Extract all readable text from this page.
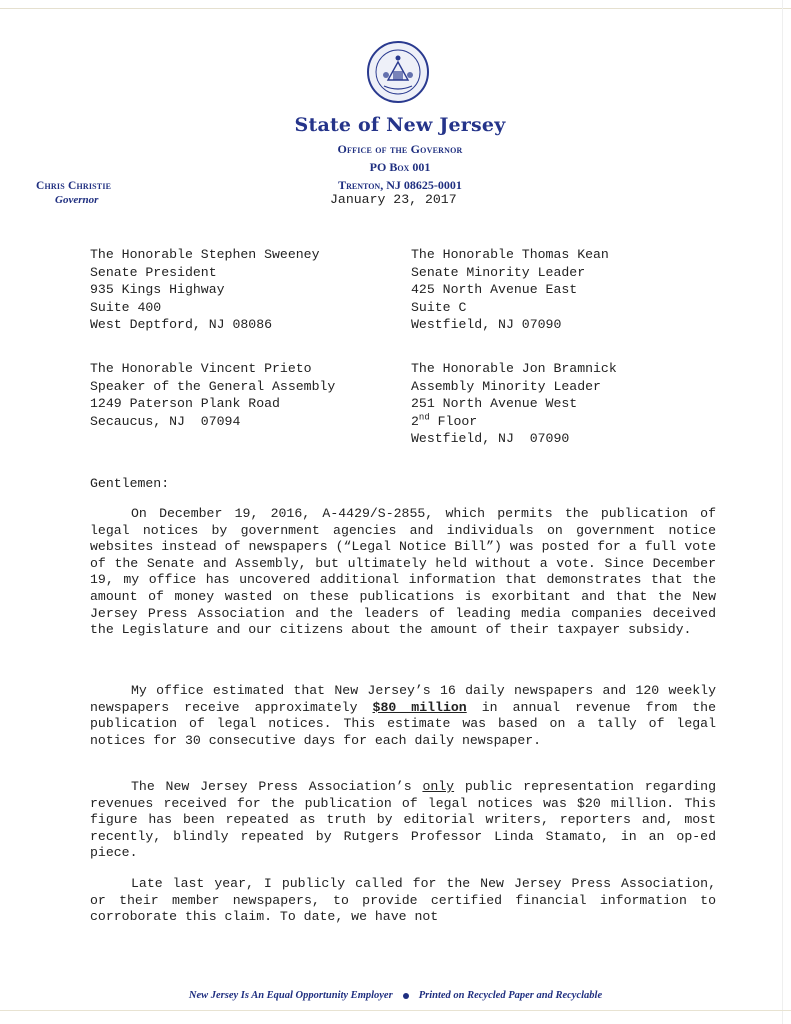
State of New Jersey
Office of the Governor
PO Box 001
Trenton, NJ 08625-0001
Chris Christie
Governor	January 23, 2017
The Honorable Stephen Sweeney
Senate President
935 Kings Highway
Suite 400
West Deptford, NJ 08086
The Honorable Thomas Kean
Senate Minority Leader
425 North Avenue East
Suite C
Westfield, NJ 07090
The Honorable Vincent Prieto
Speaker of the General Assembly
1249 Paterson Plank Road
Secaucus, NJ  07094
The Honorable Jon Bramnick
Assembly Minority Leader
251 North Avenue West
2nd Floor
Westfield, NJ  07090
Gentlemen:
On December 19, 2016, A-4429/S-2855, which permits the publication of legal notices by government agencies and individuals on government notice websites instead of newspapers (“Legal Notice Bill”) was posted for a full vote of the Senate and Assembly, but ultimately held without a vote. Since December 19, my office has uncovered additional information that demonstrates that the amount of money wasted on these publications is exorbitant and that the New Jersey Press Association and the leaders of leading media companies deceived the Legislature and our citizens about the amount of their taxpayer subsidy.
My office estimated that New Jersey’s 16 daily newspapers and 120 weekly newspapers receive approximately $80 million in annual revenue from the publication of legal notices. This estimate was based on a tally of legal notices for 30 consecutive days for each daily newspaper.
The New Jersey Press Association’s only public representation regarding revenues received for the publication of legal notices was $20 million. This figure has been repeated as truth by editorial writers, reporters and, most recently, blindly repeated by Rutgers Professor Linda Stamato, in an op-ed piece.
Late last year, I publicly called for the New Jersey Press Association, or their member newspapers, to provide certified financial information to corroborate this claim. To date, we have not
New Jersey Is An Equal Opportunity Employer Printed on Recycled Paper and Recyclable
